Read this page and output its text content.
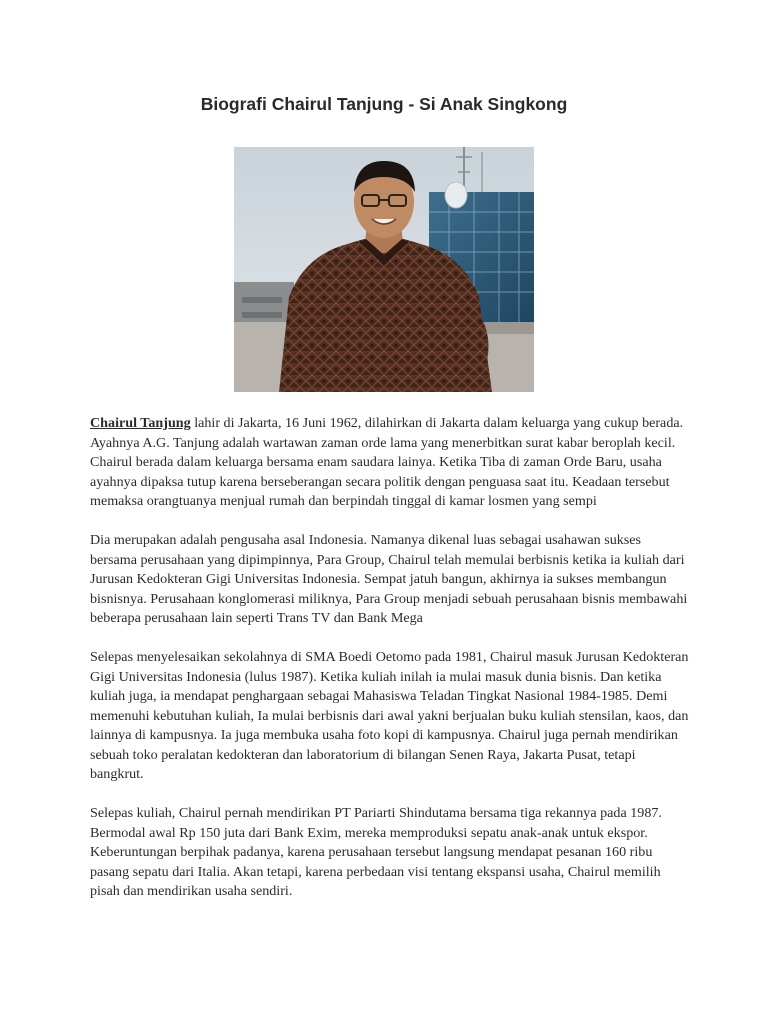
Biografi Chairul Tanjung - Si Anak Singkong

Chairul Tanjung lahir di Jakarta, 16 Juni 1962, dilahirkan di Jakarta dalam keluarga yang cukup berada. Ayahnya A.G. Tanjung adalah wartawan zaman orde lama yang menerbitkan surat kabar beroplah kecil. Chairul berada dalam keluarga bersama enam saudara lainya. Ketika Tiba di zaman Orde Baru, usaha ayahnya dipaksa tutup karena berseberangan secara politik dengan penguasa saat itu. Keadaan tersebut memaksa orangtuanya menjual rumah dan berpindah tinggal di kamar losmen yang sempi

Dia merupakan adalah pengusaha asal Indonesia. Namanya dikenal luas sebagai usahawan sukses bersama perusahaan yang dipimpinnya, Para Group, Chairul telah memulai berbisnis ketika ia kuliah dari Jurusan Kedokteran Gigi Universitas Indonesia. Sempat jatuh bangun, akhirnya ia sukses membangun bisnisnya. Perusahaan konglomerasi miliknya, Para Group menjadi sebuah perusahaan bisnis membawahi beberapa perusahaan lain seperti Trans TV dan Bank Mega

Selepas menyelesaikan sekolahnya di SMA Boedi Oetomo pada 1981, Chairul masuk Jurusan Kedokteran Gigi Universitas Indonesia (lulus 1987). Ketika kuliah inilah ia mulai masuk dunia bisnis. Dan ketika kuliah juga, ia mendapat penghargaan sebagai Mahasiswa Teladan Tingkat Nasional 1984-1985. Demi memenuhi kebutuhan kuliah, Ia mulai berbisnis dari awal yakni berjualan buku kuliah stensilan, kaos, dan lainnya di kampusnya. Ia juga membuka usaha foto kopi di kampusnya. Chairul juga pernah mendirikan sebuah toko peralatan kedokteran dan laboratorium di bilangan Senen Raya, Jakarta Pusat, tetapi bangkrut.

Selepas kuliah, Chairul pernah mendirikan PT Pariarti Shindutama bersama tiga rekannya pada 1987. Bermodal awal Rp 150 juta dari Bank Exim, mereka memproduksi sepatu anak-anak untuk ekspor. Keberuntungan berpihak padanya, karena perusahaan tersebut langsung mendapat pesanan 160 ribu pasang sepatu dari Italia. Akan tetapi, karena perbedaan visi tentang ekspansi usaha, Chairul memilih pisah dan mendirikan usaha sendiri.
